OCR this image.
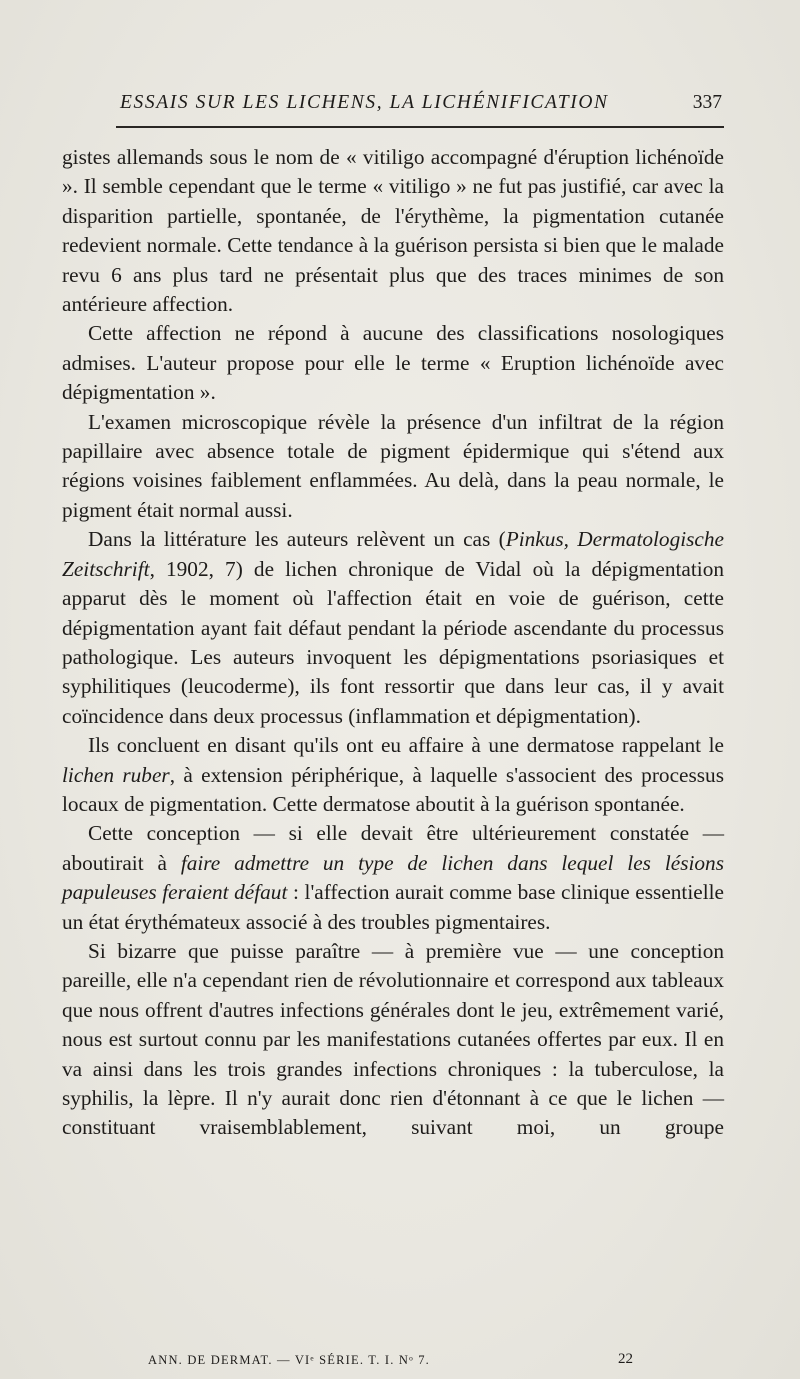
ESSAIS SUR LES LICHENS, LA LICHÉNIFICATION	337

gistes allemands sous le nom de « vitiligo accompagné d'éruption lichénoïde ». Il semble cependant que le terme « vitiligo » ne fut pas justifié, car avec la disparition partielle, spontanée, de l'érythème, la pigmentation cutanée redevient normale. Cette tendance à la guérison persista si bien que le malade revu 6 ans plus tard ne présentait plus que des traces minimes de son antérieure affection.

Cette affection ne répond à aucune des classifications nosologiques admises. L'auteur propose pour elle le terme « Eruption lichénoïde avec dépigmentation ».

L'examen microscopique révèle la présence d'un infiltrat de la région papillaire avec absence totale de pigment épidermique qui s'étend aux régions voisines faiblement enflammées. Au delà, dans la peau normale, le pigment était normal aussi.

Dans la littérature les auteurs relèvent un cas (Pinkus, Dermatologische Zeitschrift, 1902, 7) de lichen chronique de Vidal où la dépigmentation apparut dès le moment où l'affection était en voie de guérison, cette dépigmentation ayant fait défaut pendant la période ascendante du processus pathologique. Les auteurs invoquent les dépigmentations psoriasiques et syphilitiques (leucoderme), ils font ressortir que dans leur cas, il y avait coïncidence dans deux processus (inflammation et dépigmentation).

Ils concluent en disant qu'ils ont eu affaire à une dermatose rappelant le lichen ruber, à extension périphérique, à laquelle s'associent des processus locaux de pigmentation. Cette dermatose aboutit à la guérison spontanée.

Cette conception — si elle devait être ultérieurement constatée — aboutirait à faire admettre un type de lichen dans lequel les lésions papuleuses feraient défaut : l'affection aurait comme base clinique essentielle un état érythémateux associé à des troubles pigmentaires.

Si bizarre que puisse paraître — à première vue — une conception pareille, elle n'a cependant rien de révolutionnaire et correspond aux tableaux que nous offrent d'autres infections générales dont le jeu, extrêmement varié, nous est surtout connu par les manifestations cutanées offertes par eux. Il en va ainsi dans les trois grandes infections chroniques : la tuberculose, la syphilis, la lèpre. Il n'y aurait donc rien d'étonnant à ce que le lichen — constituant vraisemblablement, suivant moi, un groupe

ANN. DE DERMAT. — VIᵉ SÉRIE. T. I. Nᵒ 7.	22
